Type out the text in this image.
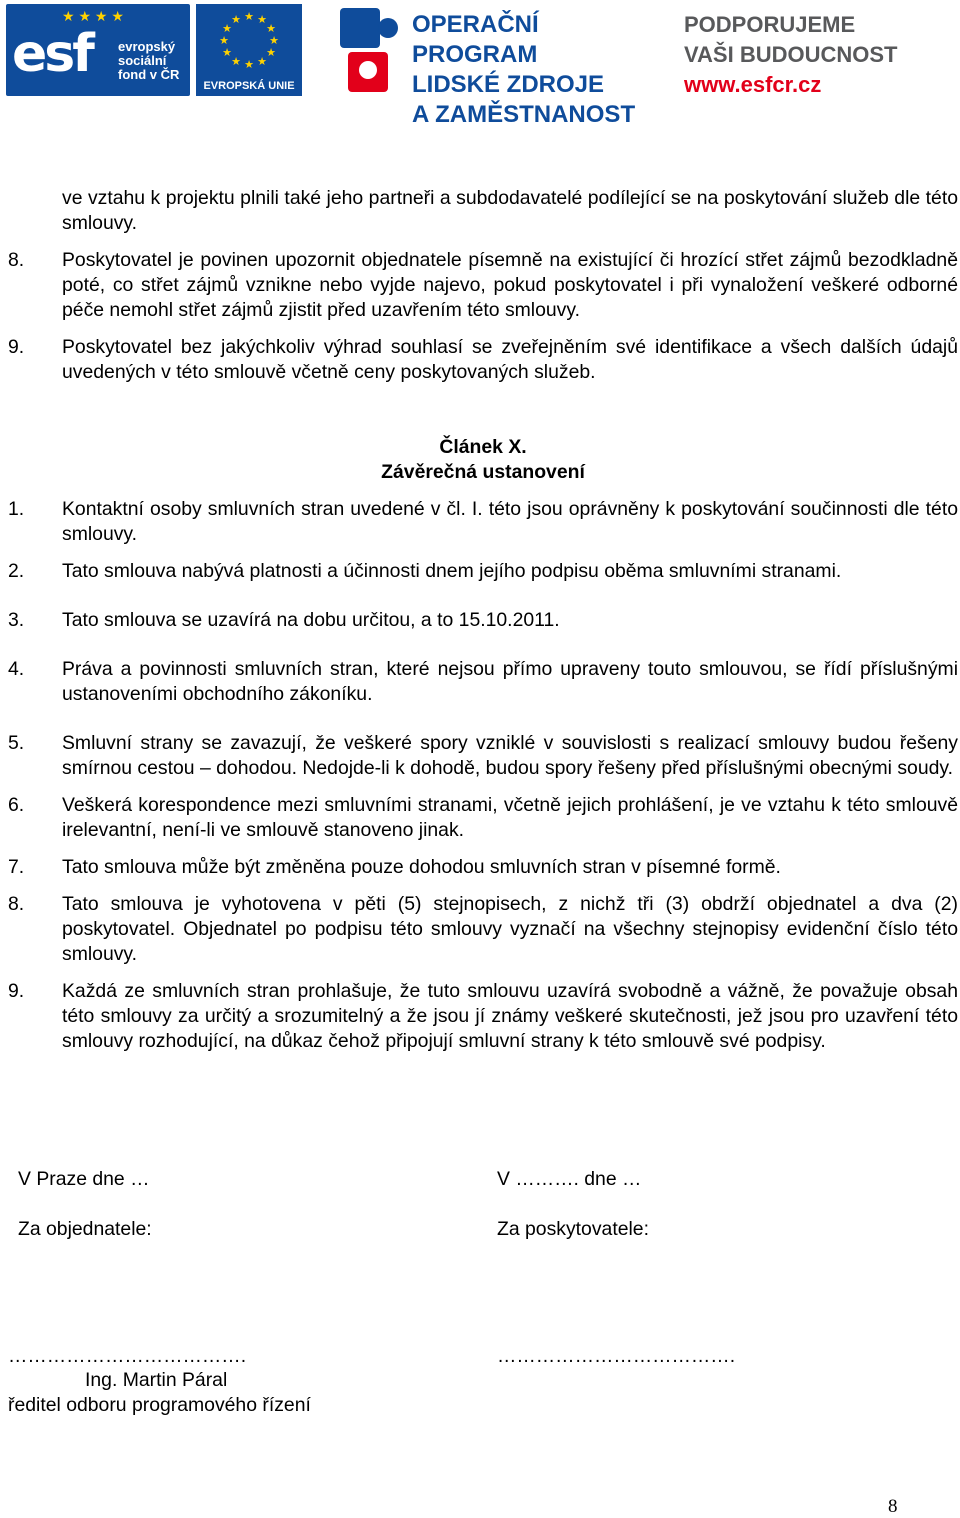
★ ★ ★ ★
esf evropský sociální fond v ČR
★ ★
★
★
★
★
★
★
★
★
★
★
EVROPSKÁ UNIE
OPERAČNÍ PROGRAM
LIDSKÉ ZDROJE
A ZAMĚSTNANOST
PODPORUJEME
VAŠI BUDOUCNOST
www.esfcr.cz
ve vztahu k projektu plnili také jeho partneři a subdodavatelé podílející se na poskytování služeb dle této smlouvy.
8.	Poskytovatel je povinen upozornit objednatele písemně na existující či hrozící střet zájmů bezodkladně poté, co střet zájmů vznikne nebo vyjde najevo, pokud poskytovatel i při vynaložení veškeré odborné péče nemohl střet zájmů zjistit před uzavřením této smlouvy.
9.	Poskytovatel bez jakýchkoliv výhrad souhlasí se zveřejněním své identifikace a všech dalších údajů uvedených v této smlouvě včetně ceny poskytovaných služeb.
Článek X.
Závěrečná ustanovení
1.	Kontaktní osoby smluvních stran uvedené v čl. I. této jsou oprávněny k poskytování součinnosti dle této smlouvy.
2.	Tato smlouva nabývá platnosti a účinnosti dnem jejího podpisu oběma smluvními stranami.
3.	Tato smlouva se uzavírá na dobu určitou, a to 15.10.2011.
4.	Práva a povinnosti smluvních stran, které nejsou přímo upraveny touto smlouvou, se řídí příslušnými ustanoveními obchodního zákoníku.
5.	Smluvní strany se zavazují, že veškeré spory vzniklé v souvislosti s realizací smlouvy budou řešeny smírnou cestou – dohodou. Nedojde-li k dohodě, budou spory řešeny před příslušnými obecnými soudy.
6.	Veškerá korespondence mezi smluvními stranami, včetně jejich prohlášení, je ve vztahu k této smlouvě irelevantní, není-li ve smlouvě stanoveno jinak.
7.	Tato smlouva může být změněna pouze dohodou smluvních stran v písemné formě.
8.	Tato smlouva je vyhotovena v pěti (5) stejnopisech, z nichž tři (3) obdrží objednatel a dva (2) poskytovatel. Objednatel po podpisu této smlouvy vyznačí na všechny stejnopisy evidenční číslo této smlouvy.
9.	Každá ze smluvních stran prohlašuje, že tuto smlouvu uzavírá svobodně a vážně, že považuje obsah této smlouvy za určitý a srozumitelný a že jsou jí známy veškeré skutečnosti, jež jsou pro uzavření této smlouvy rozhodující, na důkaz čehož připojují smluvní strany k této smlouvě své podpisy.
V Praze dne …	V ………. dne …
Za objednatele:	Za poskytovatele:
……………………………….	……………………………….
Ing. Martin Páral
ředitel odboru programového řízení
8
